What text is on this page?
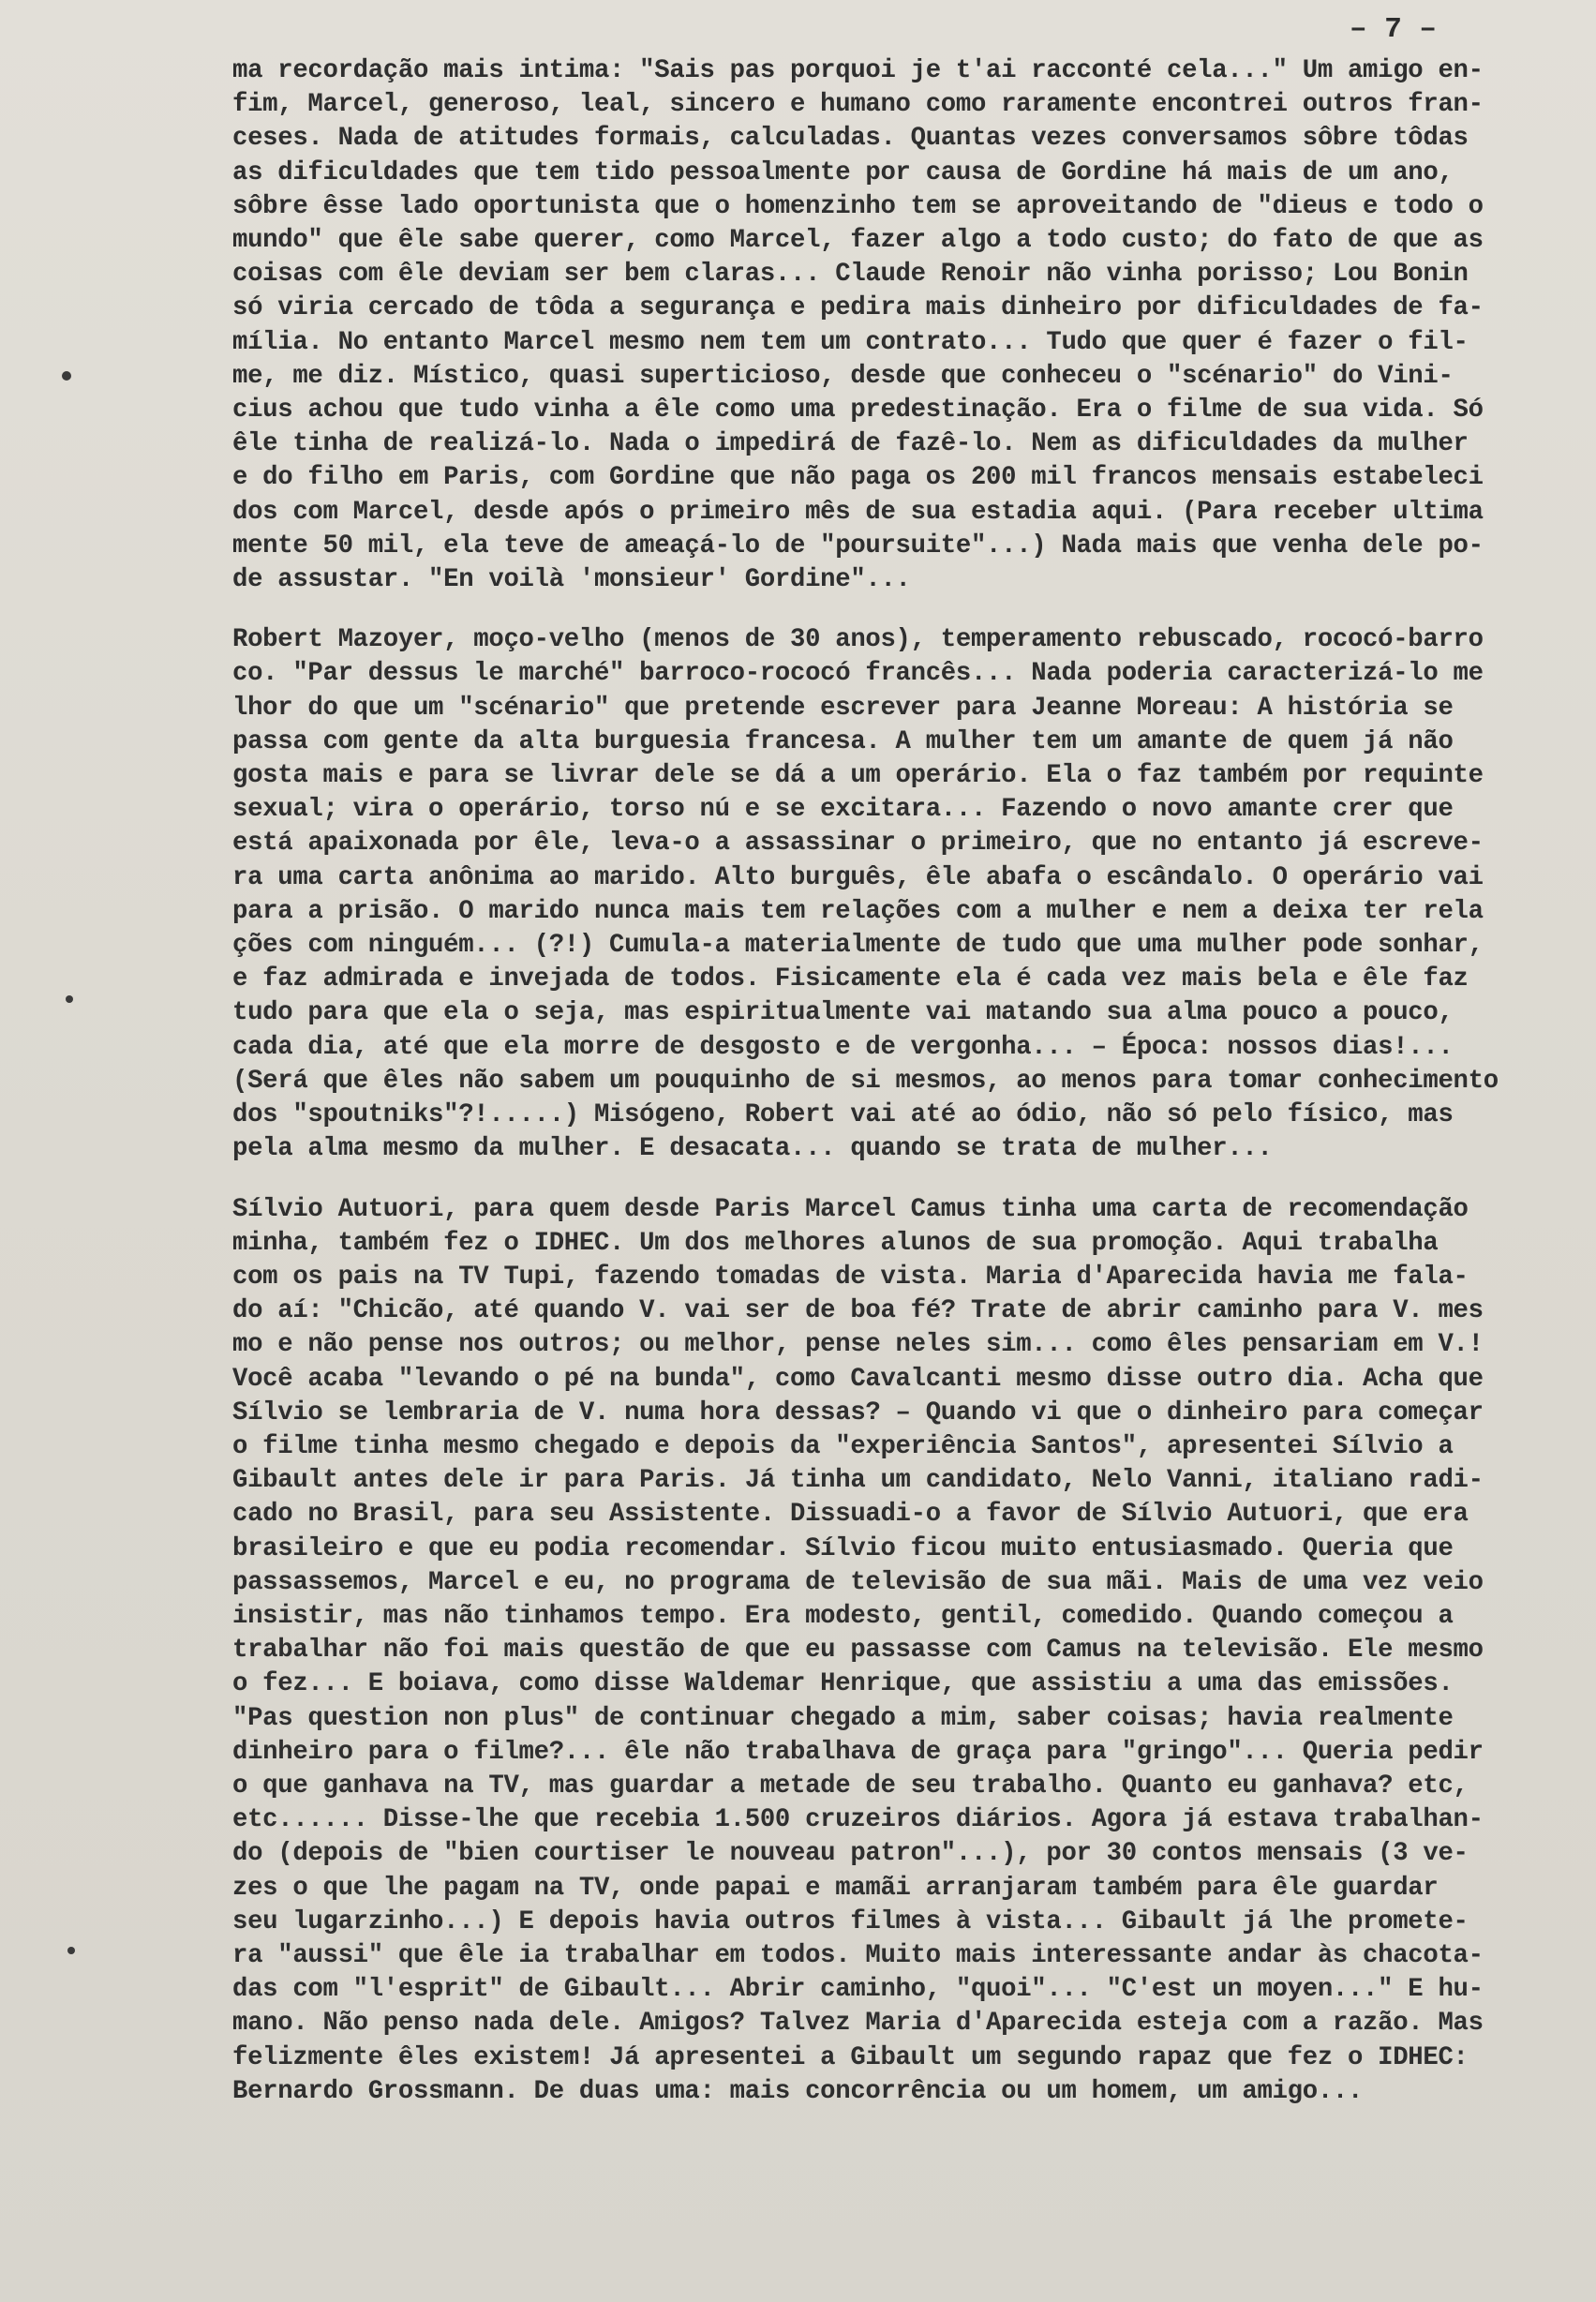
– 7 –

ma recordação mais intima: "Sais pas porquoi je t'ai racconté cela..." Um amigo en-
fim, Marcel, generoso, leal, sincero e humano como raramente encontrei outros fran-
ceses. Nada de atitudes formais, calculadas. Quantas vezes conversamos sôbre tôdas
as dificuldades que tem tido pessoalmente por causa de Gordine há mais de um ano,
sôbre êsse lado oportunista que o homenzinho tem se aproveitando de "dieus e todo o
mundo" que êle sabe querer, como Marcel, fazer algo a todo custo; do fato de que as
coisas com êle deviam ser bem claras... Claude Renoir não vinha porisso; Lou Bonin
só viria cercado de tôda a segurança e pedira mais dinheiro por dificuldades de fa-
mília. No entanto Marcel mesmo nem tem um contrato... Tudo que quer é fazer o fil-
me, me diz. Místico, quasi superticioso, desde que conheceu o "scénario" do Vini-
cius achou que tudo vinha a êle como uma predestinação. Era o filme de sua vida. Só
êle tinha de realizá-lo. Nada o impedirá de fazê-lo. Nem as dificuldades da mulher
e do filho em Paris, com Gordine que não paga os 200 mil francos mensais estabeleci
dos com Marcel, desde após o primeiro mês de sua estadia aqui. (Para receber ultima
mente 50 mil, ela teve de ameaçá-lo de "poursuite"...) Nada mais que venha dele po-
de assustar. "En voilà 'monsieur' Gordine"...

Robert Mazoyer, moço-velho (menos de 30 anos), temperamento rebuscado, rococó-barro
co. "Par dessus le marché" barroco-rococó francês... Nada poderia caracterizá-lo me
lhor do que um "scénario" que pretende escrever para Jeanne Moreau: A história se
passa com gente da alta burguesia francesa. A mulher tem um amante de quem já não
gosta mais e para se livrar dele se dá a um operário. Ela o faz também por requinte
sexual; vira o operário, torso nú e se excitara... Fazendo o novo amante crer que
está apaixonada por êle, leva-o a assassinar o primeiro, que no entanto já escreve-
ra uma carta anônima ao marido. Alto burguês, êle abafa o escândalo. O operário vai
para a prisão. O marido nunca mais tem relações com a mulher e nem a deixa ter rela
ções com ninguém... (?!) Cumula-a materialmente de tudo que uma mulher pode sonhar,
e faz admirada e invejada de todos. Fisicamente ela é cada vez mais bela e êle faz
tudo para que ela o seja, mas espiritualmente vai matando sua alma pouco a pouco,
cada dia, até que ela morre de desgosto e de vergonha... – Época: nossos dias!...
(Será que êles não sabem um pouquinho de si mesmos, ao menos para tomar conhecimento
dos "spoutniks"?!.....) Misógeno, Robert vai até ao ódio, não só pelo físico, mas
pela alma mesmo da mulher. E desacata... quando se trata de mulher...

Sílvio Autuori, para quem desde Paris Marcel Camus tinha uma carta de recomendação
minha, também fez o IDHEC. Um dos melhores alunos de sua promoção. Aqui trabalha
com os pais na TV Tupi, fazendo tomadas de vista. Maria d'Aparecida havia me fala-
do aí: "Chicão, até quando V. vai ser de boa fé? Trate de abrir caminho para V. mes
mo e não pense nos outros; ou melhor, pense neles sim... como êles pensariam em V.!
Você acaba "levando o pé na bunda", como Cavalcanti mesmo disse outro dia. Acha que
Sílvio se lembraria de V. numa hora dessas? – Quando vi que o dinheiro para começar
o filme tinha mesmo chegado e depois da "experiência Santos", apresentei Sílvio a
Gibault antes dele ir para Paris. Já tinha um candidato, Nelo Vanni, italiano radi-
cado no Brasil, para seu Assistente. Dissuadi-o a favor de Sílvio Autuori, que era
brasileiro e que eu podia recomendar. Sílvio ficou muito entusiasmado. Queria que
passassemos, Marcel e eu, no programa de televisão de sua mãi. Mais de uma vez veio
insistir, mas não tinhamos tempo. Era modesto, gentil, comedido. Quando começou a
trabalhar não foi mais questão de que eu passasse com Camus na televisão. Ele mesmo
o fez... E boiava, como disse Waldemar Henrique, que assistiu a uma das emissões.
"Pas question non plus" de continuar chegado a mim, saber coisas; havia realmente
dinheiro para o filme?... êle não trabalhava de graça para "gringo"... Queria pedir
o que ganhava na TV, mas guardar a metade de seu trabalho. Quanto eu ganhava? etc,
etc...... Disse-lhe que recebia 1.500 cruzeiros diários. Agora já estava trabalhan-
do (depois de "bien courtiser le nouveau patron"...), por 30 contos mensais (3 ve-
zes o que lhe pagam na TV, onde papai e mamãi arranjaram também para êle guardar
seu lugarzinho...) E depois havia outros filmes à vista... Gibault já lhe promete-
ra "aussi" que êle ia trabalhar em todos. Muito mais interessante andar às chacota-
das com "l'esprit" de Gibault... Abrir caminho, "quoi"... "C'est un moyen..." E hu-
mano. Não penso nada dele. Amigos? Talvez Maria d'Aparecida esteja com a razão. Mas
felizmente êles existem! Já apresentei a Gibault um segundo rapaz que fez o IDHEC:
Bernardo Grossmann. De duas uma: mais concorrência ou um homem, um amigo...
